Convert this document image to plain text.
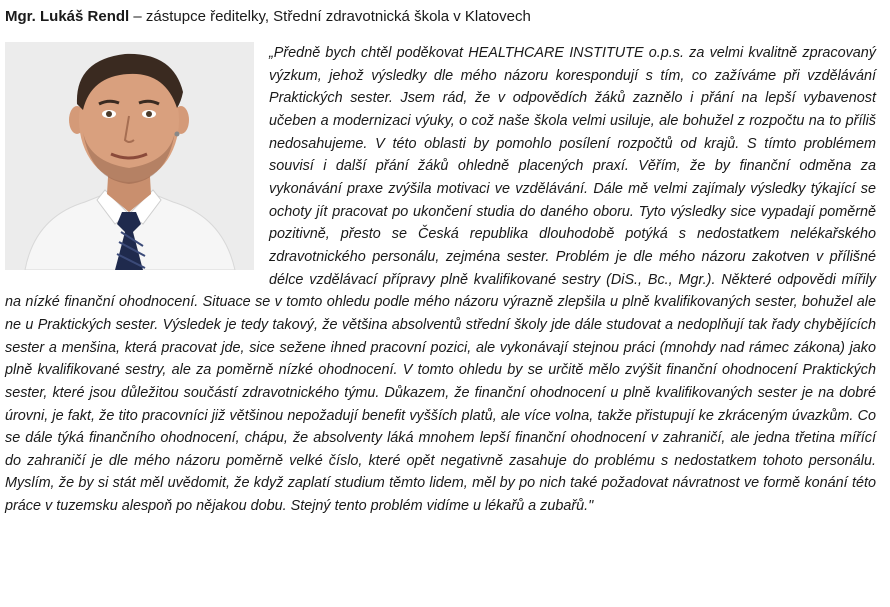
Mgr. Lukáš Rendl – zástupce ředitelky, Střední zdravotnická škola v Klatovech
„Předně bych chtěl poděkovat HEALTHCARE INSTITUTE o.p.s. za velmi kvalitně zpracovaný výzkum, jehož výsledky dle mého názoru korespondují s tím, co zažíváme při vzdělávání Praktických sester. Jsem rád, že v odpovědích žáků zaznělo i přání na lepší vybavenost učeben a modernizaci výuky, o což naše škola velmi usiluje, ale bohužel z rozpočtu na to příliš nedosahujeme. V této oblasti by pomohlo posílení rozpočtů od krajů. S tímto problémem souvisí i další přání žáků ohledně placených praxí. Věřím, že by finanční odměna za vykonávání praxe zvýšila motivaci ve vzdělávání. Dále mě velmi zajímaly výsledky týkající se ochoty jít pracovat po ukončení studia do daného oboru. Tyto výsledky sice vypadají poměrně pozitivně, přesto se Česká republika dlouhodobě potýká s nedostatkem nelékařského zdravotnického personálu, zejména sester. Problém je dle mého názoru zakotven v přílišné délce vzdělávací přípravy plně kvalifikované sestry (DiS., Bc., Mgr.). Některé odpovědi mířily na nízké finanční ohodnocení. Situace se v tomto ohledu podle mého názoru výrazně zlepšila u plně kvalifikovaných sester, bohužel ale ne u Praktických sester. Výsledek je tedy takový, že většina absolventů střední školy jde dále studovat a nedoplňují tak řady chybějících sester a menšina, která pracovat jde, sice sežene ihned pracovní pozici, ale vykonávají stejnou práci (mnohdy nad rámec zákona) jako plně kvalifikované sestry, ale za poměrně nízké ohodnocení. V tomto ohledu by se určitě mělo zvýšit finanční ohodnocení Praktických sester, které jsou důležitou součástí zdravotnického týmu. Důkazem, že finanční ohodnocení u plně kvalifikovaných sester je na dobré úrovni, je fakt, že tito pracovníci již většinou nepožadují benefit vyšších platů, ale více volna, takže přistupují ke zkráceným úvazkům. Co se dále týká finančního ohodnocení, chápu, že absolventy láká mnohem lepší finanční ohodnocení v zahraničí, ale jedna třetina mířící do zahraničí je dle mého názoru poměrně velké číslo, které opět negativně zasahuje do problému s nedostatkem tohoto personálu. Myslím, že by si stát měl uvědomit, že když zaplatí studium těmto lidem, měl by po nich také požadovat návratnost ve formě konání této práce v tuzemsku alespoň po nějakou dobu. Stejný tento problém vidíme u lékařů a zubařů."
